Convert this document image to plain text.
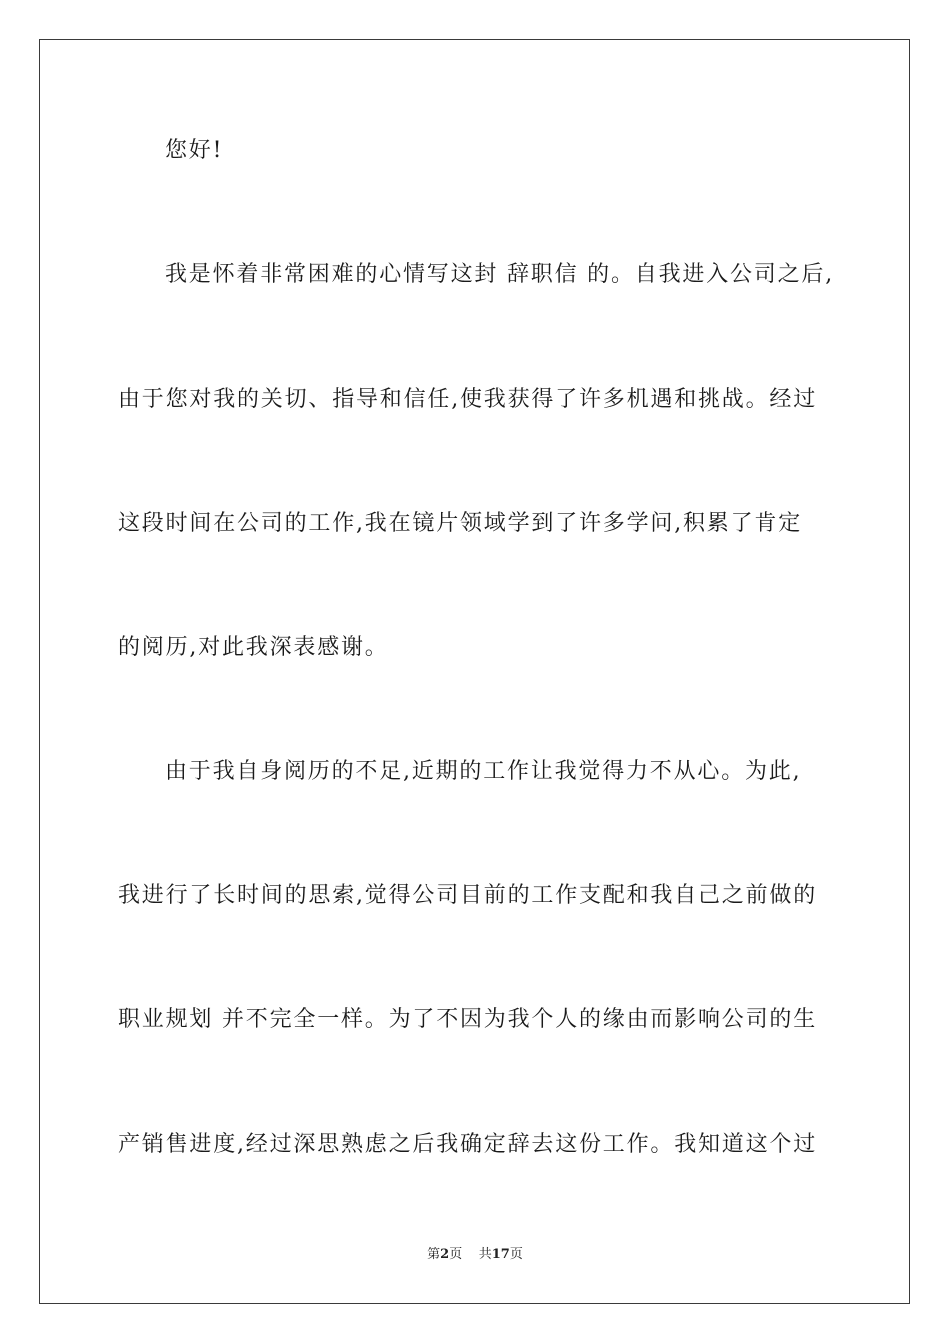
您好!
我是怀着非常困难的心情写这封 辞职信 的。自我进入公司之后,
由于您对我的关切、指导和信任,使我获得了许多机遇和挑战。经过
这段时间在公司的工作,我在镜片领域学到了许多学问,积累了肯定
的阅历,对此我深表感谢。
由于我自身阅历的不足,近期的工作让我觉得力不从心。为此,
我进行了长时间的思索,觉得公司目前的工作支配和我自己之前做的
职业规划 并不完全一样。为了不因为我个人的缘由而影响公司的生
产销售进度,经过深思熟虑之后我确定辞去这份工作。我知道这个过
第2页 共17页
